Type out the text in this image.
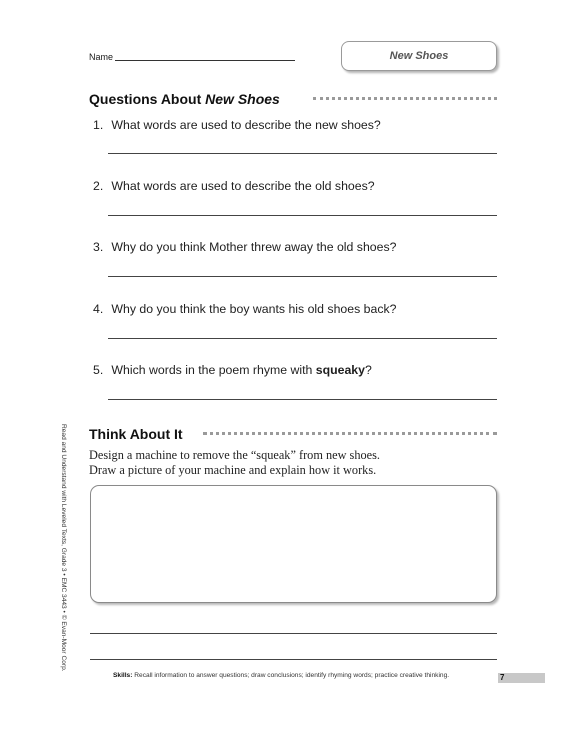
Name	New Shoes
Questions About New Shoes
1. What words are used to describe the new shoes?
2. What words are used to describe the old shoes?
3. Why do you think Mother threw away the old shoes?
4. Why do you think the boy wants his old shoes back?
5. Which words in the poem rhyme with squeaky?
Think About It
Design a machine to remove the “squeak” from new shoes.
Draw a picture of your machine and explain how it works.
Read and Understand with Leveled Texts, Grade 3 • EMC 3443 • © Evan-Moor Corp.
Skills: Recall information to answer questions; draw conclusions; identify rhyming words; practice creative thinking.	7
